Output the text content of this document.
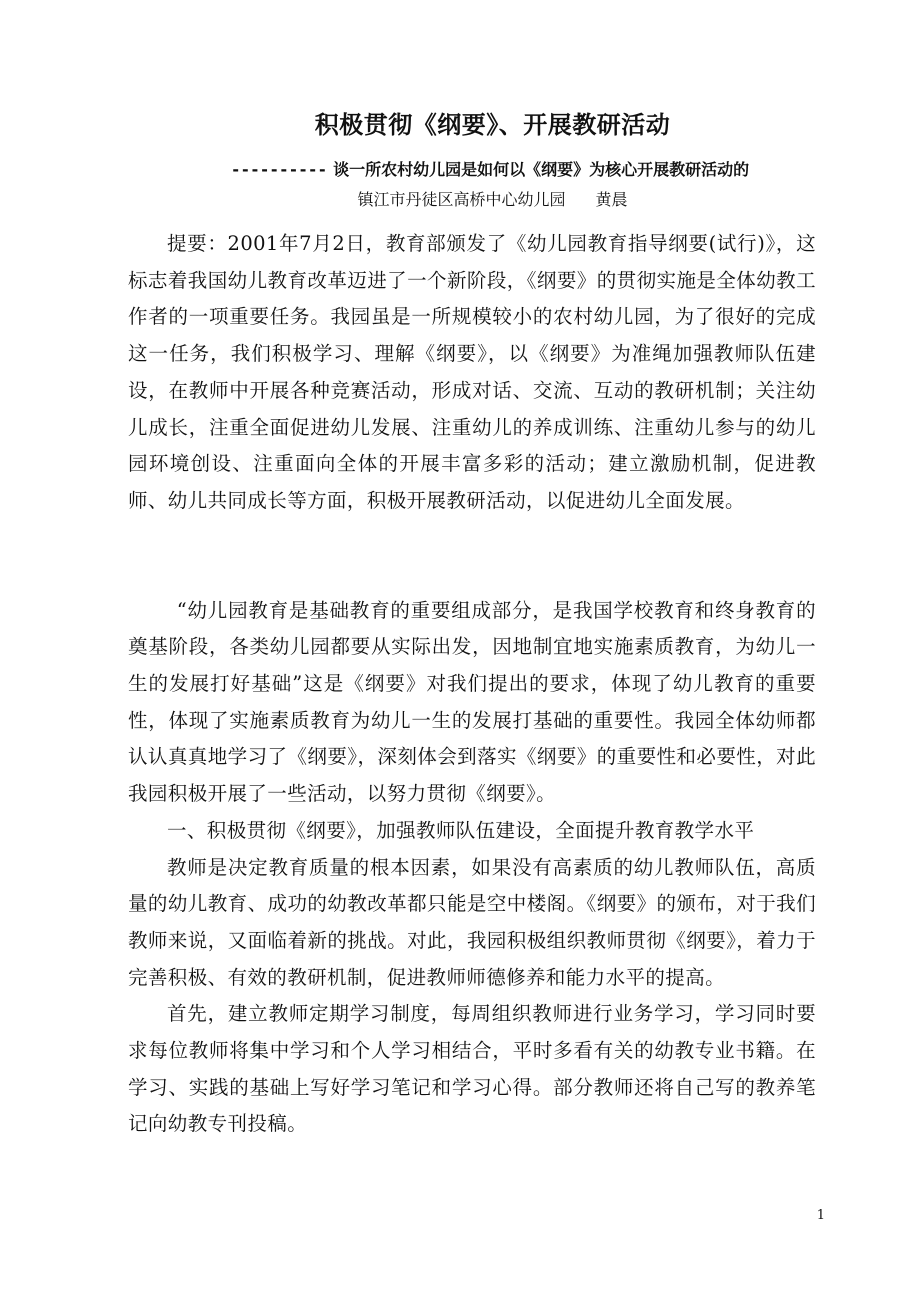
积极贯彻《纲要》、开展教研活动
---------- 谈一所农村幼儿园是如何以《纲要》为核心开展教研活动的
镇江市丹徒区高桥中心幼儿园 黄晨

提要：2001年7月2日，教育部颁发了《幼儿园教育指导纲要(试行)》，这标志着我国幼儿教育改革迈进了一个新阶段，《纲要》的贯彻实施是全体幼教工作者的一项重要任务。我园虽是一所规模较小的农村幼儿园，为了很好的完成这一任务，我们积极学习、理解《纲要》，以《纲要》为准绳加强教师队伍建设，在教师中开展各种竞赛活动，形成对话、交流、互动的教研机制；关注幼儿成长，注重全面促进幼儿发展、注重幼儿的养成训练、注重幼儿参与的幼儿园环境创设、注重面向全体的开展丰富多彩的活动；建立激励机制，促进教师、幼儿共同成长等方面，积极开展教研活动，以促进幼儿全面发展。

“幼儿园教育是基础教育的重要组成部分，是我国学校教育和终身教育的奠基阶段，各类幼儿园都要从实际出发，因地制宜地实施素质教育，为幼儿一生的发展打好基础”这是《纲要》对我们提出的要求，体现了幼儿教育的重要性，体现了实施素质教育为幼儿一生的发展打基础的重要性。我园全体幼师都认认真真地学习了《纲要》，深刻体会到落实《纲要》的重要性和必要性，对此我园积极开展了一些活动，以努力贯彻《纲要》。

一、积极贯彻《纲要》，加强教师队伍建设，全面提升教育教学水平

教师是决定教育质量的根本因素，如果没有高素质的幼儿教师队伍，高质量的幼儿教育、成功的幼教改革都只能是空中楼阁。《纲要》的颁布，对于我们教师来说，又面临着新的挑战。对此，我园积极组织教师贯彻《纲要》，着力于完善积极、有效的教研机制，促进教师师德修养和能力水平的提高。

首先，建立教师定期学习制度，每周组织教师进行业务学习，学习同时要求每位教师将集中学习和个人学习相结合，平时多看有关的幼教专业书籍。在学习、实践的基础上写好学习笔记和学习心得。部分教师还将自己写的教养笔记向幼教专刊投稿。

1
